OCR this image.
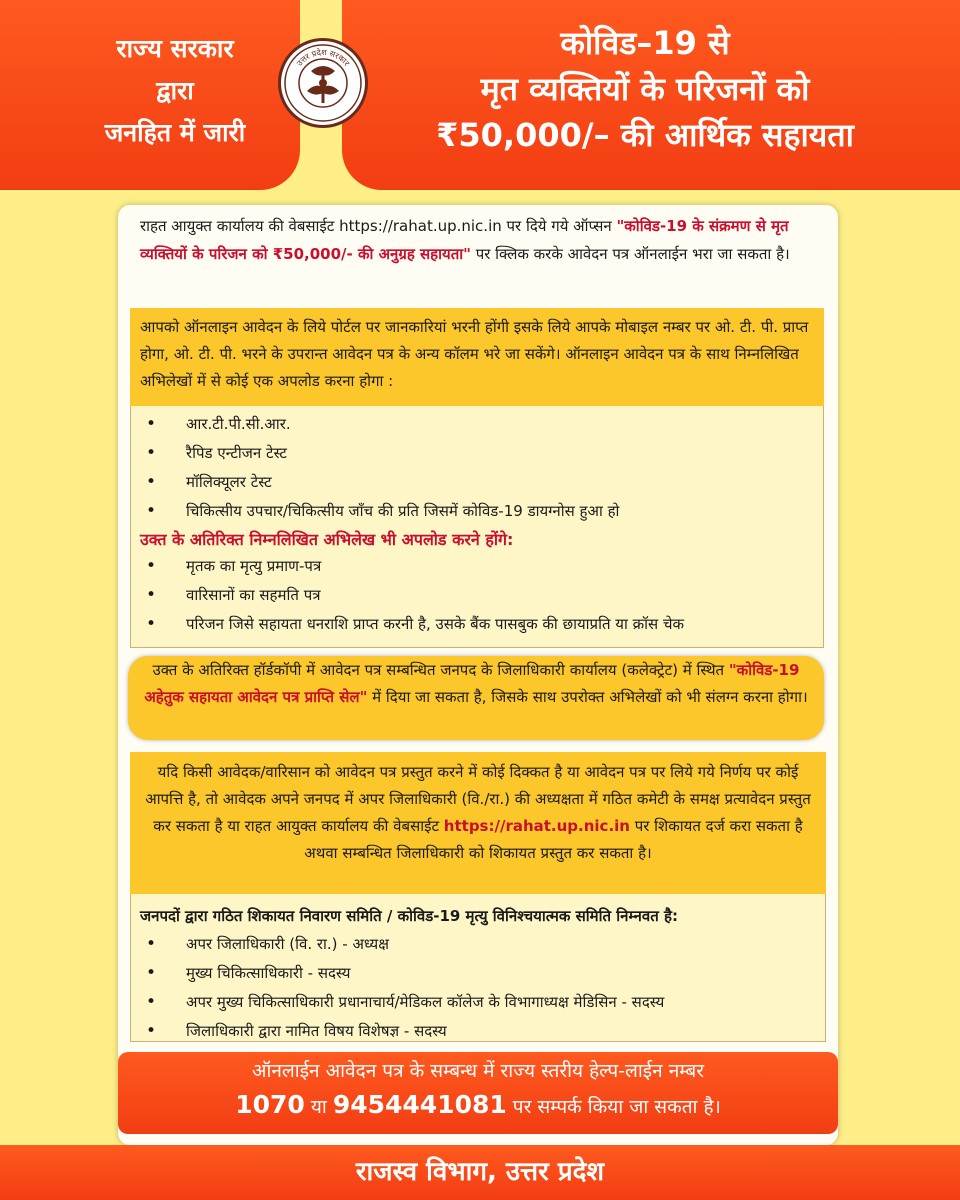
राज्य सरकार
द्वारा
जनहित में जारी
उत्तर प्रदेश सरकार
कोविड–19 से
मृत व्यक्तियों के परिजनों को
₹50,000/– की आर्थिक सहायता
राहत आयुक्त कार्यालय की वेबसाईट https://rahat.up.nic.in पर दिये गये ऑप्सन "कोविड-19 के संक्रमण से मृत व्यक्तियों के परिजन को ₹50,000/- की अनुग्रह सहायता" पर क्लिक करके आवेदन पत्र ऑनलाईन भरा जा सकता है।
आपको ऑनलाइन आवेदन के लिये पोर्टल पर जानकारियां भरनी होंगी इसके लिये आपके मोबाइल नम्बर पर ओ. टी. पी. प्राप्त होगा, ओ. टी. पी. भरने के उपरान्त आवेदन पत्र के अन्य कॉलम भरे जा सकेंगे। ऑनलाइन आवेदन पत्र के साथ निम्नलिखित अभिलेखों में से कोई एक अपलोड करना होगा :
• आर.टी.पी.सी.आर.
• रैपिड एन्टीजन टेस्ट
• मॉलिक्यूलर टेस्ट
• चिकित्सीय उपचार/चिकित्सीय जाँच की प्रति जिसमें कोविड-19 डायग्नोस हुआ हो
उक्त के अतिरिक्त निम्नलिखित अभिलेख भी अपलोड करने होंगे:
• मृतक का मृत्यु प्रमाण-पत्र
• वारिसानों का सहमति पत्र
• परिजन जिसे सहायता धनराशि प्राप्त करनी है, उसके बैंक पासबुक की छायाप्रति या क्रॉस चेक
उक्त के अतिरिक्त हॉर्डकॉपी में आवेदन पत्र सम्बन्धित जनपद के जिलाधिकारी कार्यालय (कलेक्ट्रेट) में स्थित "कोविड-19 अहेतुक सहायता आवेदन पत्र प्राप्ति सेल" में दिया जा सकता है, जिसके साथ उपरोक्त अभिलेखों को भी संलग्न करना होगा।
यदि किसी आवेदक/वारिसान को आवेदन पत्र प्रस्तुत करने में कोई दिक्कत है या आवेदन पत्र पर लिये गये निर्णय पर कोई आपत्ति है, तो आवेदक अपने जनपद में अपर जिलाधिकारी (वि./रा.) की अध्यक्षता में गठित कमेटी के समक्ष प्रत्यावेदन प्रस्तुत कर सकता है या राहत आयुक्त कार्यालय की वेबसाईट https://rahat.up.nic.in पर शिकायत दर्ज करा सकता है अथवा सम्बन्धित जिलाधिकारी को शिकायत प्रस्तुत कर सकता है।
जनपदों द्वारा गठित शिकायत निवारण समिति / कोविड-19 मृत्यु विनिश्चयात्मक समिति निम्नवत है:
• अपर जिलाधिकारी (वि. रा.) - अध्यक्ष
• मुख्य चिकित्साधिकारी - सदस्य
• अपर मुख्य चिकित्साधिकारी प्रधानाचार्य/मेडिकल कॉलेज के विभागाध्यक्ष मेडिसिन - सदस्य
• जिलाधिकारी द्वारा नामित विषय विशेषज्ञ - सदस्य
ऑनलाईन आवेदन पत्र के सम्बन्ध में राज्य स्तरीय हेल्प-लाईन नम्बर
1070 या 9454441081 पर सम्पर्क किया जा सकता है।
राजस्व विभाग, उत्तर प्रदेश
